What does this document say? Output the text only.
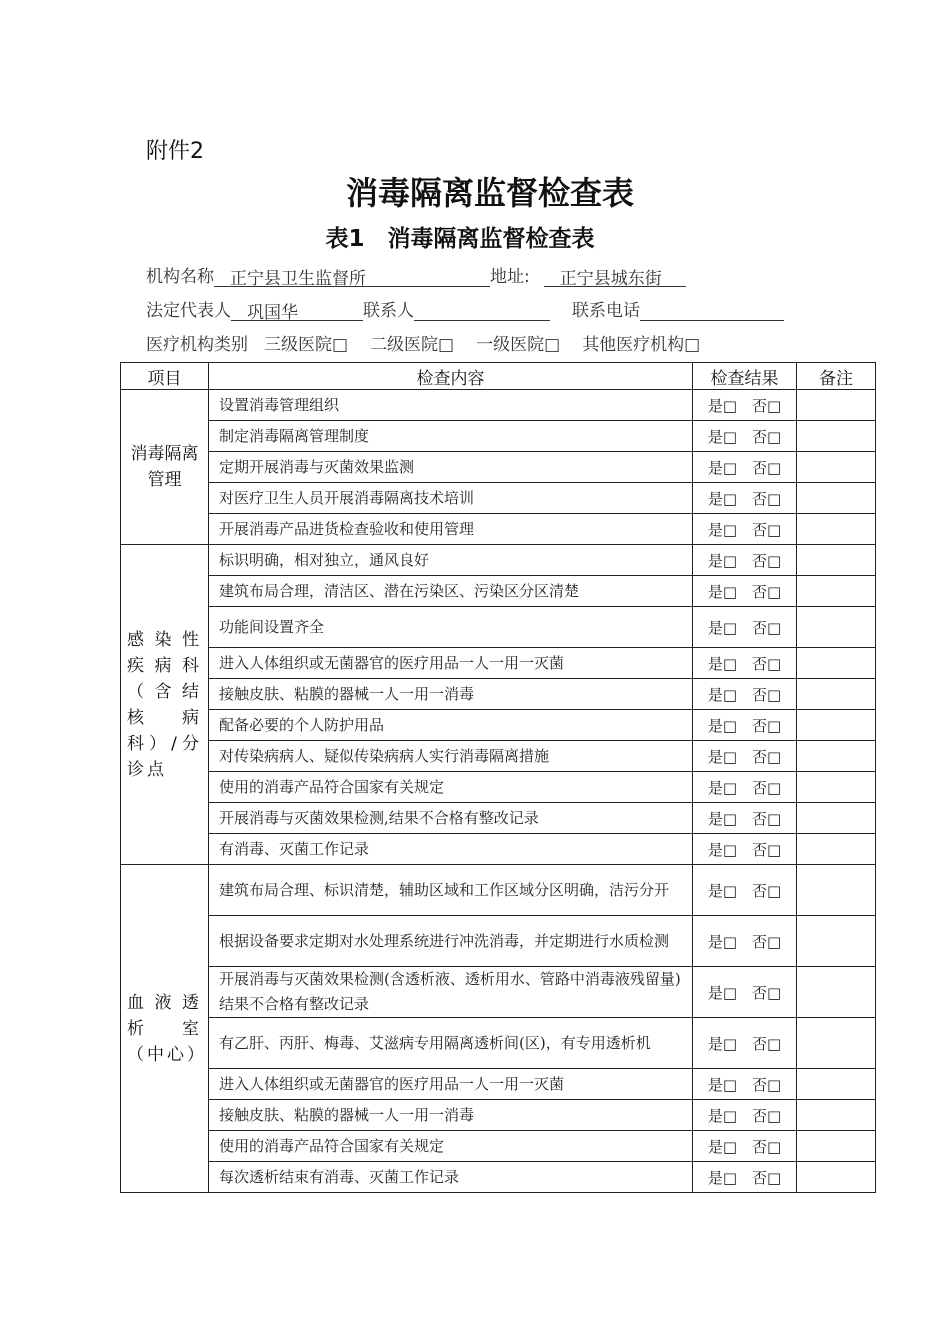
附件2
消毒隔离监督检查表
表1　消毒隔离监督检查表
机构名称 正宁县卫生监督所	地址: 正宁县城东街
法定代表人 巩国华	联系人	联系电话
医疗机构类别 三级医院□ 二级医院□ 一级医院□ 其他医疗机构□
项目	检查内容	检查结果	备注

消毒隔离管理	设置消毒管理组织	是□　否□	
	制定消毒隔离管理制度	是□　否□	
	定期开展消毒与灭菌效果监测	是□　否□	
	对医疗卫生人员开展消毒隔离技术培训	是□　否□	
	开展消毒产品进货检查验收和使用管理	是□　否□	

感染性疾病科（含结核病科）/分诊点	标识明确，相对独立，通风良好	是□　否□	
	建筑布局合理，清洁区、潜在污染区、污染区分区清楚	是□　否□	
	功能间设置齐全	是□　否□	
	进入人体组织或无菌器官的医疗用品一人一用一灭菌	是□　否□	
	接触皮肤、粘膜的器械一人一用一消毒	是□　否□	
	配备必要的个人防护用品	是□　否□	
	对传染病病人、疑似传染病病人实行消毒隔离措施	是□　否□	
	使用的消毒产品符合国家有关规定	是□　否□	
	开展消毒与灭菌效果检测,结果不合格有整改记录	是□　否□	
	有消毒、灭菌工作记录	是□　否□	

血液透析室（中心）	建筑布局合理、标识清楚，辅助区域和工作区域分区明确，洁污分开	是□　否□	
	根据设备要求定期对水处理系统进行冲洗消毒，并定期进行水质检测	是□　否□	
	开展消毒与灭菌效果检测(含透析液、透析用水、管路中消毒液残留量)结果不合格有整改记录	是□　否□	
	有乙肝、丙肝、梅毒、艾滋病专用隔离透析间(区)，有专用透析机	是□　否□	
	进入人体组织或无菌器官的医疗用品一人一用一灭菌	是□　否□	
	接触皮肤、粘膜的器械一人一用一消毒	是□　否□	
	使用的消毒产品符合国家有关规定	是□　否□	
	每次透析结束有消毒、灭菌工作记录	是□　否□	
